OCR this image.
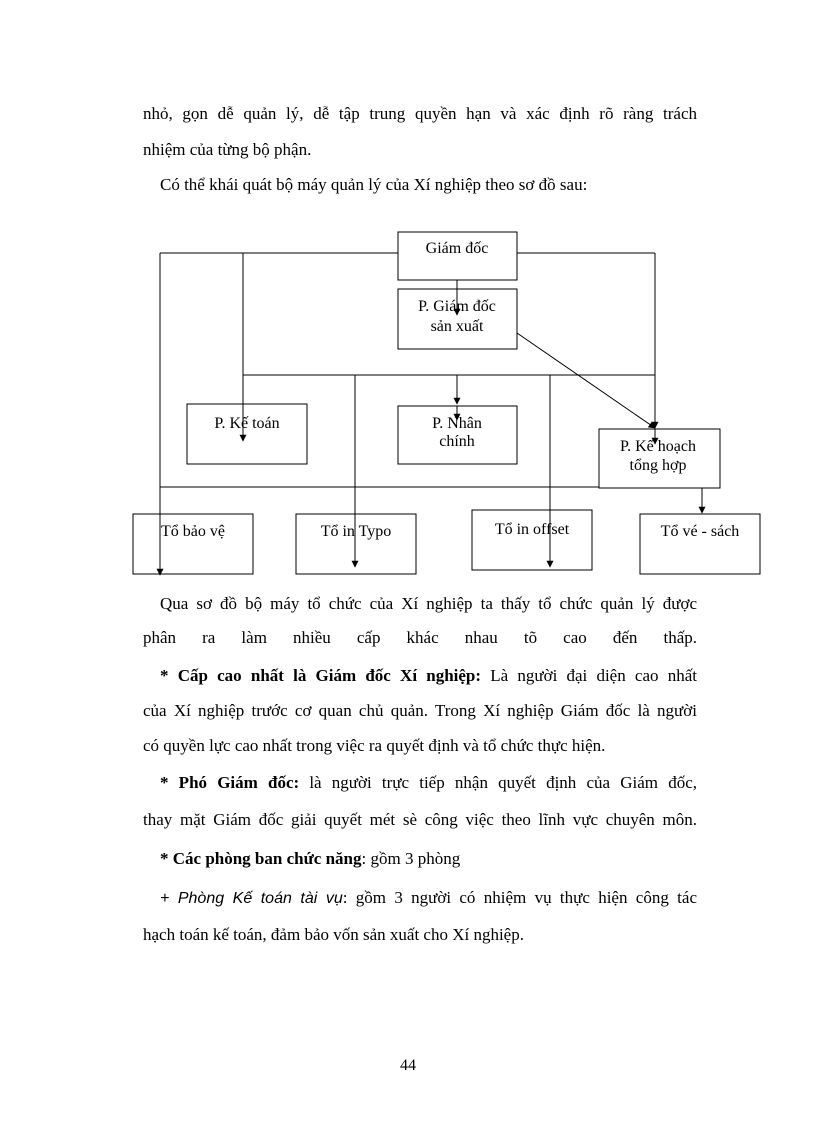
nhỏ, gọn dễ quản lý, dễ tập trung quyền hạn và xác định rõ ràng trách
nhiệm của từng bộ phận.
Có thể khái quát bộ máy quản lý của Xí nghiệp theo sơ đồ sau:
Giám đốc
P. Giám đốc
sản xuất
P. Kế toán	P. Nhân
chính	P. Kế hoạch
tổng hợp
Tổ bảo vệ	Tổ in Typo	Tổ in offset	Tổ vé - sách
Qua sơ đồ bộ máy tổ chức của Xí nghiệp ta thấy tổ chức quản lý được
phân ra làm nhiều cấp khác nhau tõ cao đến thấp.
* Cấp cao nhất là Giám đốc Xí nghiệp: Là người đại diện cao nhất
của Xí nghiệp trước cơ quan chủ quản. Trong Xí nghiệp Giám đốc là người
có quyền lực cao nhất trong việc ra quyết định và tổ chức thực hiện.
* Phó Giám đốc: là người trực tiếp nhận quyết định của Giám đốc,
thay mặt Giám đốc giải quyết mét sè công việc theo lĩnh vực chuyên môn.
* Các phòng ban chức năng: gồm 3 phòng
+ Phòng Kế toán tài vụ: gồm 3 người có nhiệm vụ thực hiện công tác
hạch toán kế toán, đảm bảo vốn sản xuất cho Xí nghiệp.
44
